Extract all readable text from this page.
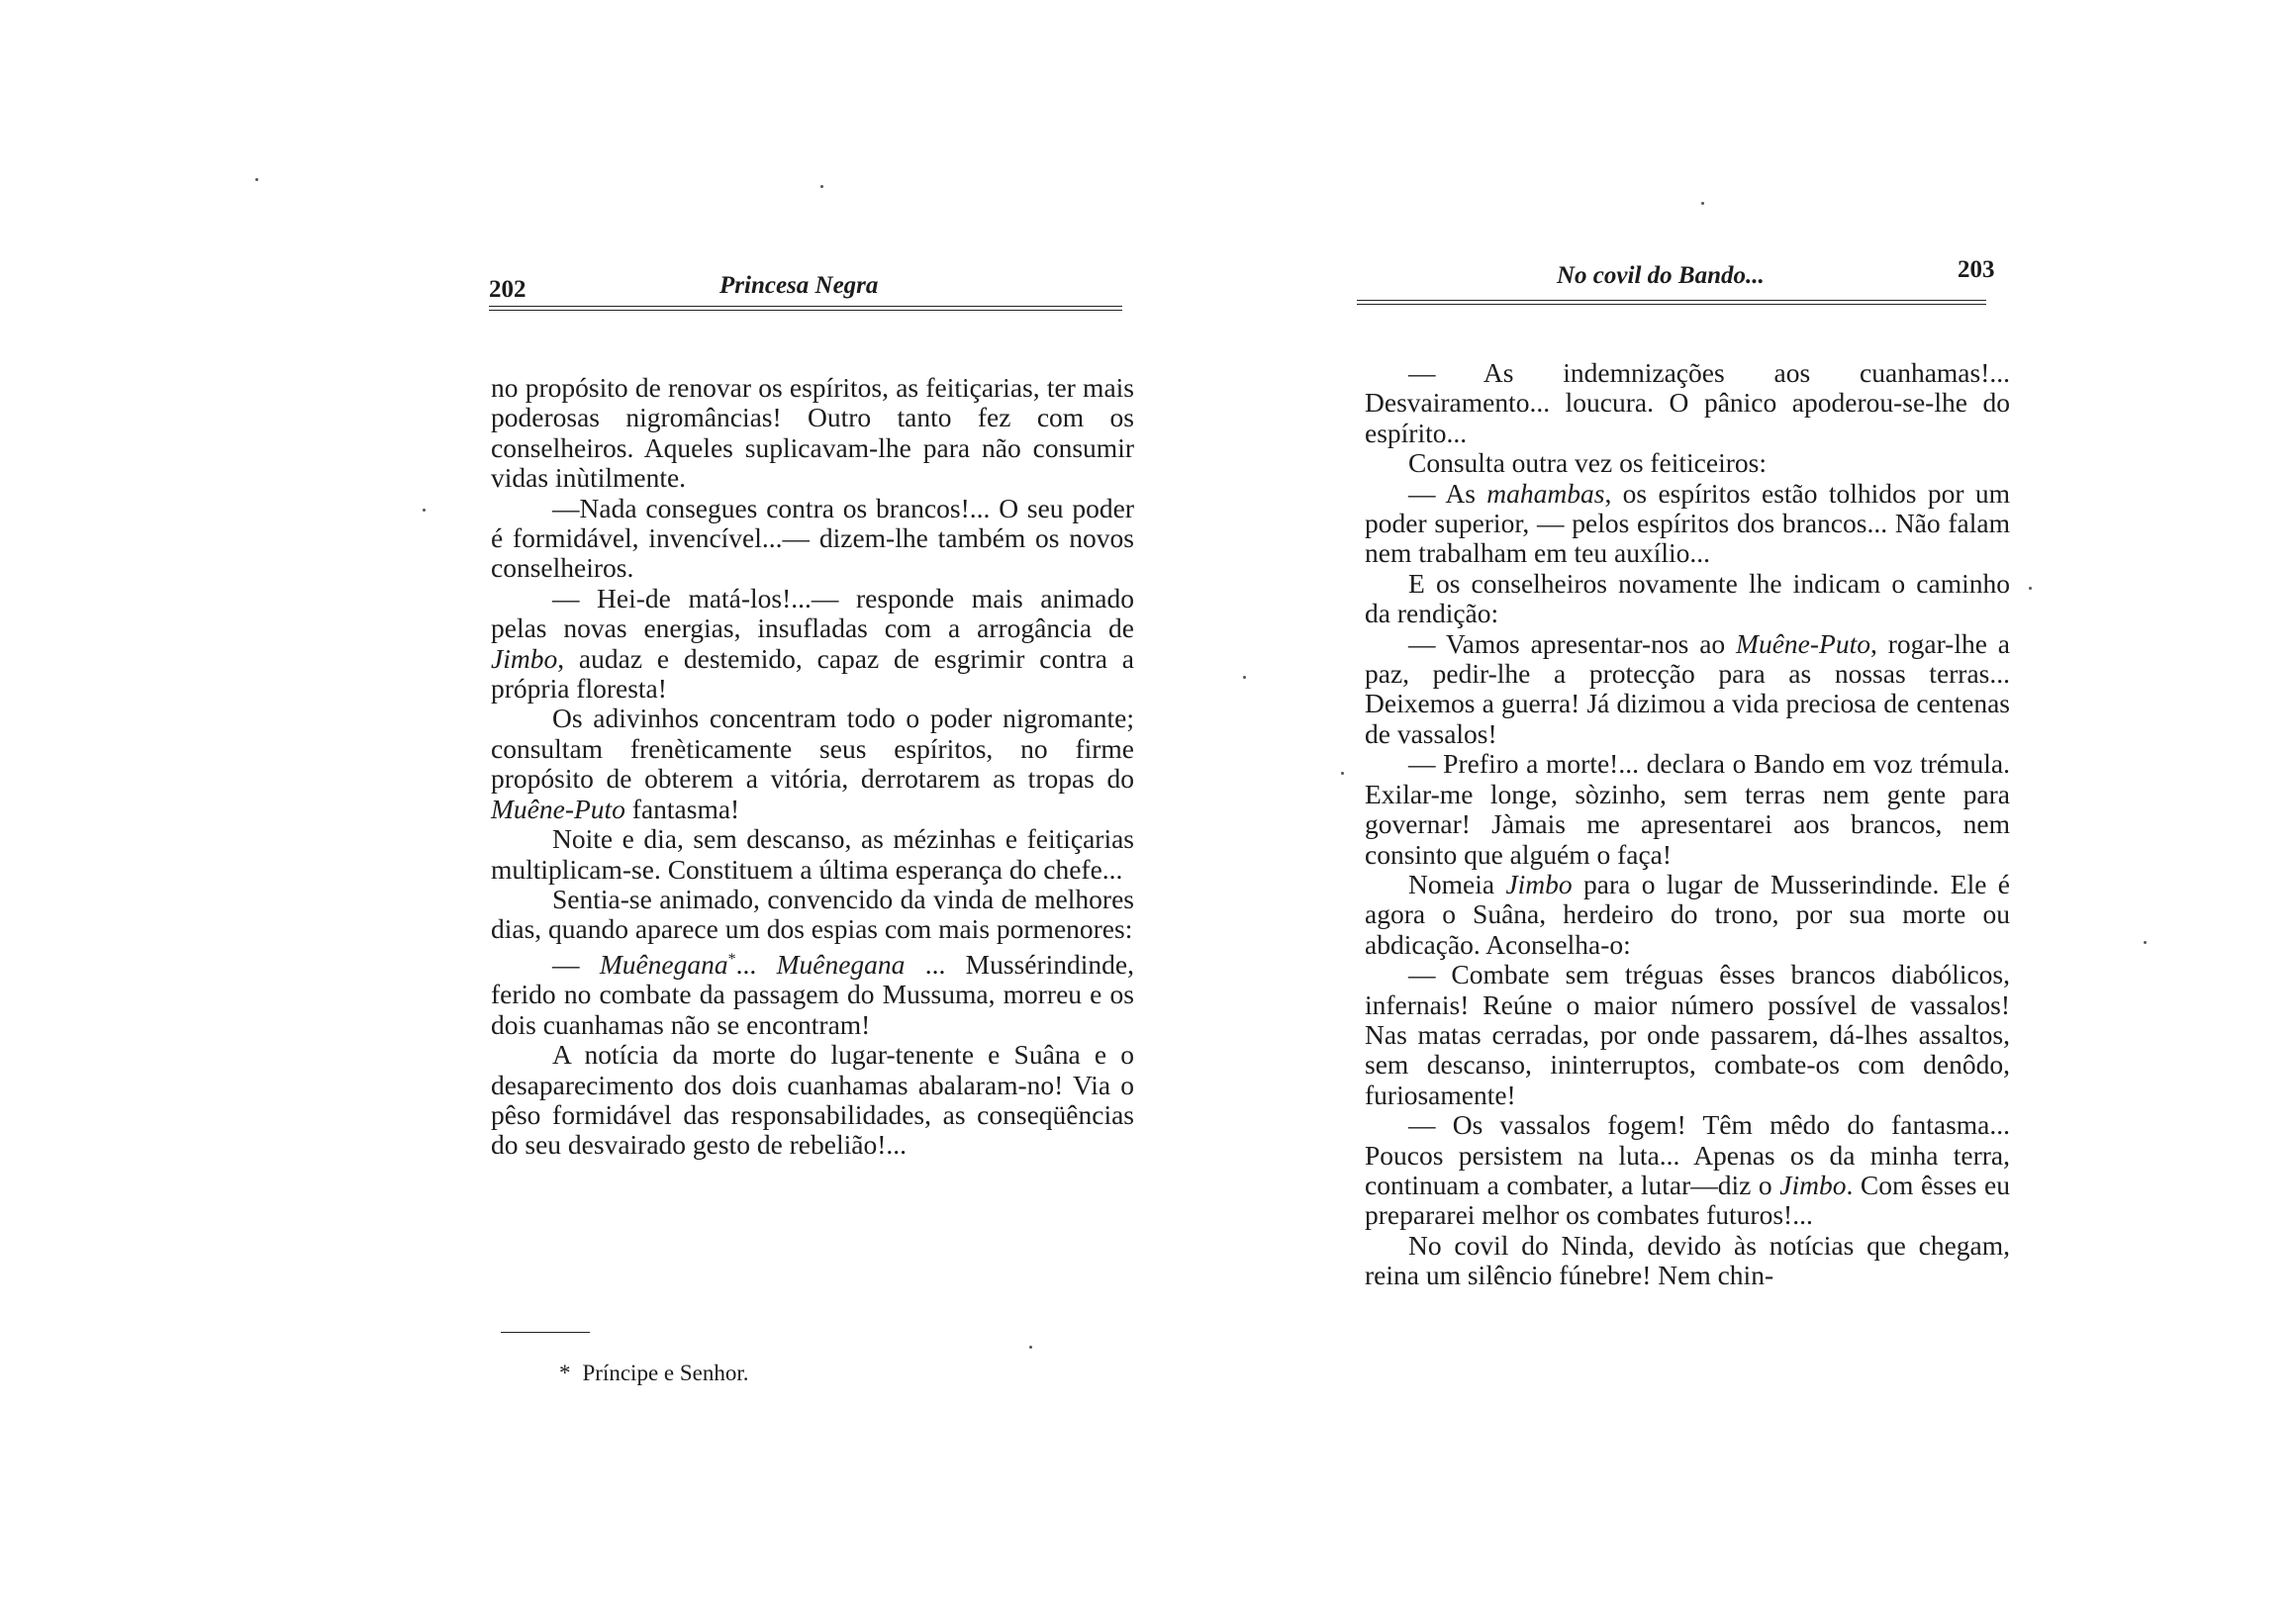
202	Princesa Negra

no propósito de renovar os espíritos, as feitiçarias, ter mais poderosas nigromâncias! Outro tanto fez com os conselheiros. Aqueles suplicavam-lhe para não consumir vidas inùtilmente.

—Nada consegues contra os brancos!... O seu poder é formidável, invencível...— dizem-lhe também os novos conselheiros.

— Hei-de matá-los!...— responde mais animado pelas novas energias, insufladas com a arrogância de Jimbo, audaz e destemido, capaz de esgrimir contra a própria floresta!

Os adivinhos concentram todo o poder nigromante; consultam frenèticamente seus espíritos, no firme propósito de obterem a vitória, derrotarem as tropas do Muêne-Puto fantasma!

Noite e dia, sem descanso, as mézinhas e feitiçarias multiplicam-se. Constituem a última esperança do chefe...

Sentia-se animado, convencido da vinda de melhores dias, quando aparece um dos espias com mais pormenores:

— Muênegana*... Muênegana ... Mussérindinde, ferido no combate da passagem do Mussuma, morreu e os dois cuanhamas não se encontram!

A notícia da morte do lugar-tenente e Suâna e o desaparecimento dos dois cuanhamas abalaram-no! Via o pêso formidável das responsabilidades, as conseqüências do seu desvairado gesto de rebelião!...

* Príncipe e Senhor.
No covil do Bando...	203

— As indemnizações aos cuanhamas!... Desvairamento... loucura. O pânico apoderou-se-lhe do espírito...

Consulta outra vez os feiticeiros:

— As mahambas, os espíritos estão tolhidos por um poder superior, — pelos espíritos dos brancos... Não falam nem trabalham em teu auxílio...

E os conselheiros novamente lhe indicam o caminho da rendição:

— Vamos apresentar-nos ao Muêne-Puto, rogar-lhe a paz, pedir-lhe a protecção para as nossas terras... Deixemos a guerra! Já dizimou a vida preciosa de centenas de vassalos!

— Prefiro a morte!... declara o Bando em voz trémula. Exilar-me longe, sòzinho, sem terras nem gente para governar! Jàmais me apresentarei aos brancos, nem consinto que alguém o faça!

Nomeia Jimbo para o lugar de Musserindinde. Ele é agora o Suâna, herdeiro do trono, por sua morte ou abdicação. Aconselha-o:

— Combate sem tréguas êsses brancos diabólicos, infernais! Reúne o maior número possível de vassalos! Nas matas cerradas, por onde passarem, dá-lhes assaltos, sem descanso, ininterruptos, combate-os com denôdo, furiosamente!

— Os vassalos fogem! Têm mêdo do fantasma... Poucos persistem na luta... Apenas os da minha terra, continuam a combater, a lutar—diz o Jimbo. Com êsses eu prepararei melhor os combates futuros!...

No covil do Ninda, devido às notícias que chegam, reina um silêncio fúnebre! Nem chin-
